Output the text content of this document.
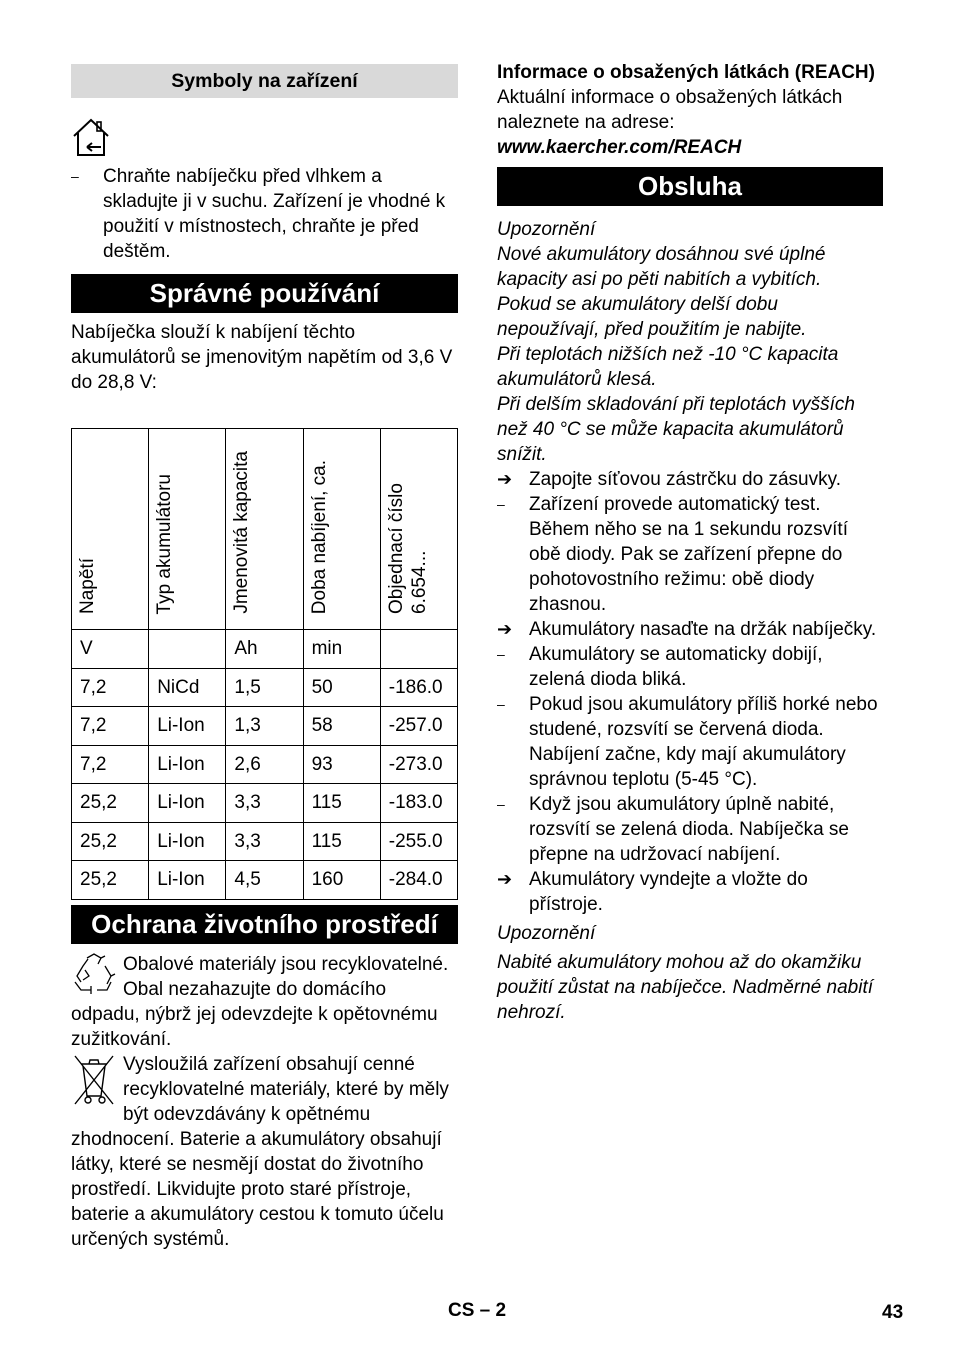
Symboly na zařízení

– Chraňte nabíječku před vlhkem a skladujte ji v suchu. Zařízení je vhodné k použití v místnostech, chraňte je před deštěm.

Správné používání

Nabíječka slouží k nabíjení těchto akumulátorů se jmenovitým napětím od 3,6 V do 28,8 V:

Napětí	Typ akumulátoru	Jmenovitá kapacita	Doba nabíjení, ca.	Objednací číslo 6.654...
V		Ah	min	
7,2	NiCd	1,5	50	-186.0
7,2	Li-Ion	1,3	58	-257.0
7,2	Li-Ion	2,6	93	-273.0
25,2	Li-Ion	3,3	115	-183.0
25,2	Li-Ion	3,3	115	-255.0
25,2	Li-Ion	4,5	160	-284.0
Ochrana životního prostředí

Obalové materiály jsou recyklovatelné. Obal nezahazujte do domácího odpadu, nýbrž jej odevzdejte k opětovnému zužitkování.

Vysloužilá zařízení obsahují cenné recyklovatelné materiály, které by měly být odevzdávány k opětnému zhodnocení. Baterie a akumulátory obsahují látky, které se nesmějí dostat do životního prostředí. Likvidujte proto staré přístroje, baterie a akumulátory cestou k tomuto účelu určených systémů.

Informace o obsažených látkách (REACH)

Aktuální informace o obsažených látkách naleznete na adrese:

www.kaercher.com/REACH

Obsluha

Upozornění

Nové akumulátory dosáhnou své úplné kapacity asi po pěti nabitích a vybitích.

Pokud se akumulátory delší dobu nepoužívají, před použitím je nabijte.

Při teplotách nižších než -10 °C kapacita akumulátorů klesá.

Při delším skladování při teplotách vyšších než 40 °C se může kapacita akumulátorů snížit.

➔ Zapojte síťovou zástrčku do zásuvky.

– Zařízení provede automatický test. Během něho se na 1 sekundu rozsvítí obě diody. Pak se zařízení přepne do pohotovostního režimu: obě diody zhasnou.

➔ Akumulátory nasaďte na držák nabíječky.

– Akumulátory se automaticky dobijí, zelená dioda bliká.

– Pokud jsou akumulátory příliš horké nebo studené, rozsvítí se červená dioda. Nabíjení začne, kdy mají akumulátory správnou teplotu (5-45 °C).

– Když jsou akumulátory úplně nabité, rozsvítí se zelená dioda. Nabíječka se přepne na udržovací nabíjení.

➔ Akumulátory vyndejte a vložte do přístroje.

Upozornění

Nabité akumulátory mohou až do okamžiku použití zůstat na nabíječce. Nadměrné nabití nehrozí.

CS – 2	43
